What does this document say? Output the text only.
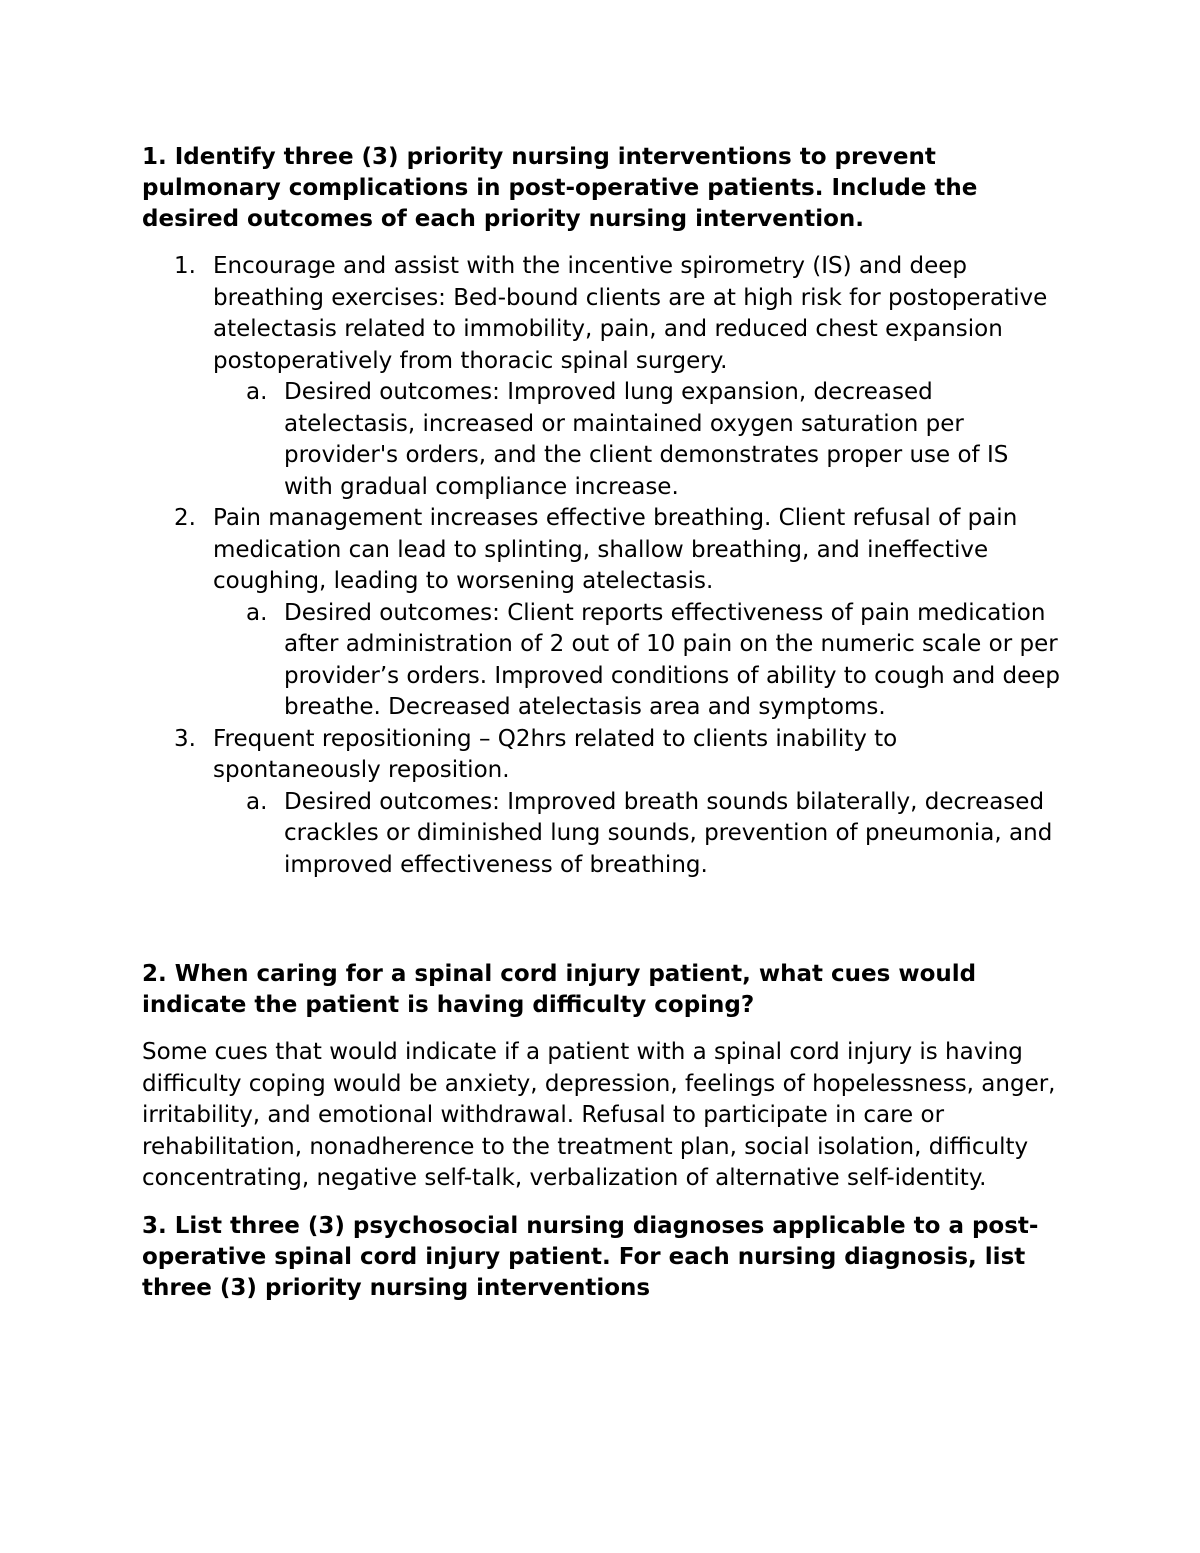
1. Identify three (3) priority nursing interventions to prevent pulmonary complications in post-operative patients. Include the desired outcomes of each priority nursing intervention.

1. Encourage and assist with the incentive spirometry (IS) and deep breathing exercises: Bed-bound clients are at high risk for postoperative atelectasis related to immobility, pain, and reduced chest expansion postoperatively from thoracic spinal surgery.
a. Desired outcomes: Improved lung expansion, decreased atelectasis, increased or maintained oxygen saturation per provider's orders, and the client demonstrates proper use of IS with gradual compliance increase.
2. Pain management increases effective breathing. Client refusal of pain medication can lead to splinting, shallow breathing, and ineffective coughing, leading to worsening atelectasis.
a. Desired outcomes: Client reports effectiveness of pain medication after administration of 2 out of 10 pain on the numeric scale or per provider’s orders. Improved conditions of ability to cough and deep breathe. Decreased atelectasis area and symptoms.
3. Frequent repositioning – Q2hrs related to clients inability to spontaneously reposition.
a. Desired outcomes: Improved breath sounds bilaterally, decreased crackles or diminished lung sounds, prevention of pneumonia, and improved effectiveness of breathing.

2. When caring for a spinal cord injury patient, what cues would indicate the patient is having difficulty coping?

Some cues that would indicate if a patient with a spinal cord injury is having difficulty coping would be anxiety, depression, feelings of hopelessness, anger, irritability, and emotional withdrawal. Refusal to participate in care or rehabilitation, nonadherence to the treatment plan, social isolation, difficulty concentrating, negative self-talk, verbalization of alternative self-identity.

3. List three (3) psychosocial nursing diagnoses applicable to a post-operative spinal cord injury patient. For each nursing diagnosis, list three (3) priority nursing interventions
